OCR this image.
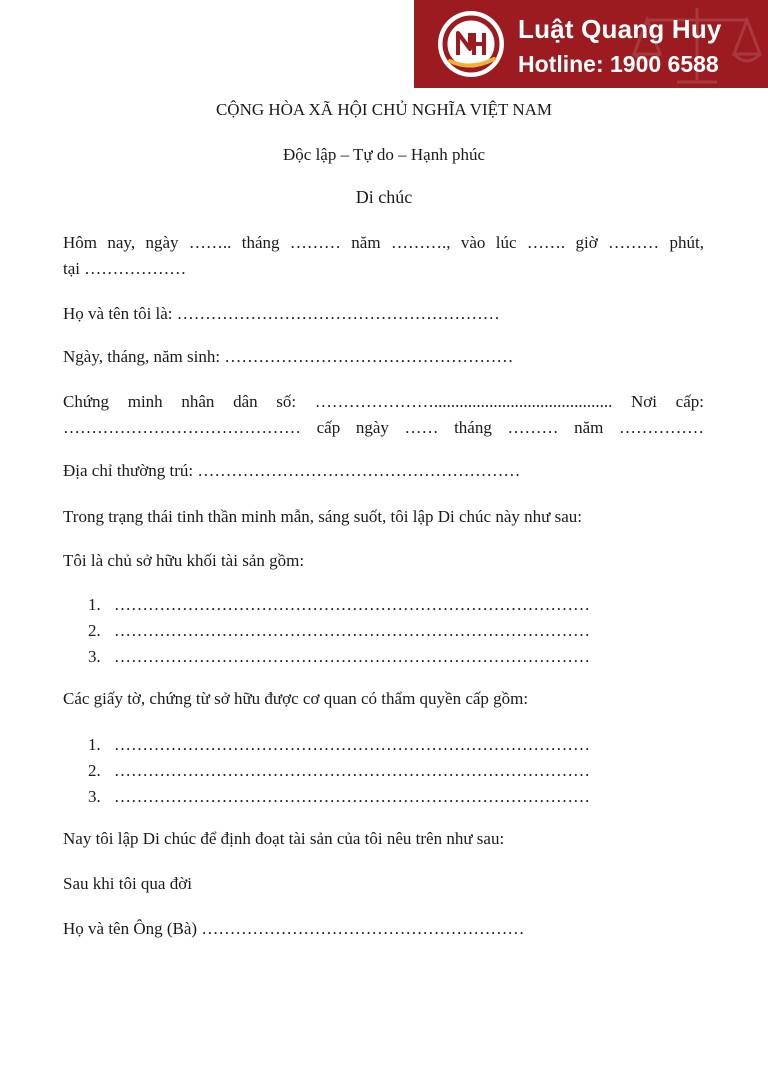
Luật Quang Huy
Hotline: 1900 6588
CỘNG HÒA XÃ HỘI CHỦ NGHĨA VIỆT NAM
Độc lập – Tự do – Hạnh phúc
Di chúc
Hôm nay, ngày …….. tháng ……… năm ………., vào lúc ……. giờ ……… phút,
tại ………………
Họ và tên tôi là: …………………………………………………
Ngày, tháng, năm sinh: ……………………………………………
Chứng minh nhân dân số: ………………….......................................... Nơi cấp:
…………………………………… cấp ngày …… tháng ……… năm ……………
Địa chỉ thường trú: …………………………………………………
Trong trạng thái tinh thần minh mẫn, sáng suốt, tôi lập Di chúc này như sau:
Tôi là chủ sở hữu khối tài sản gồm:
1. …………………………………………………………………………
2. …………………………………………………………………………
3. …………………………………………………………………………
Các giấy tờ, chứng từ sở hữu được cơ quan có thẩm quyền cấp gồm:
1. …………………………………………………………………………
2. …………………………………………………………………………
3. …………………………………………………………………………
Nay tôi lập Di chúc để định đoạt tài sản của tôi nêu trên như sau:
Sau khi tôi qua đời
Họ và tên Ông (Bà) …………………………………………………
